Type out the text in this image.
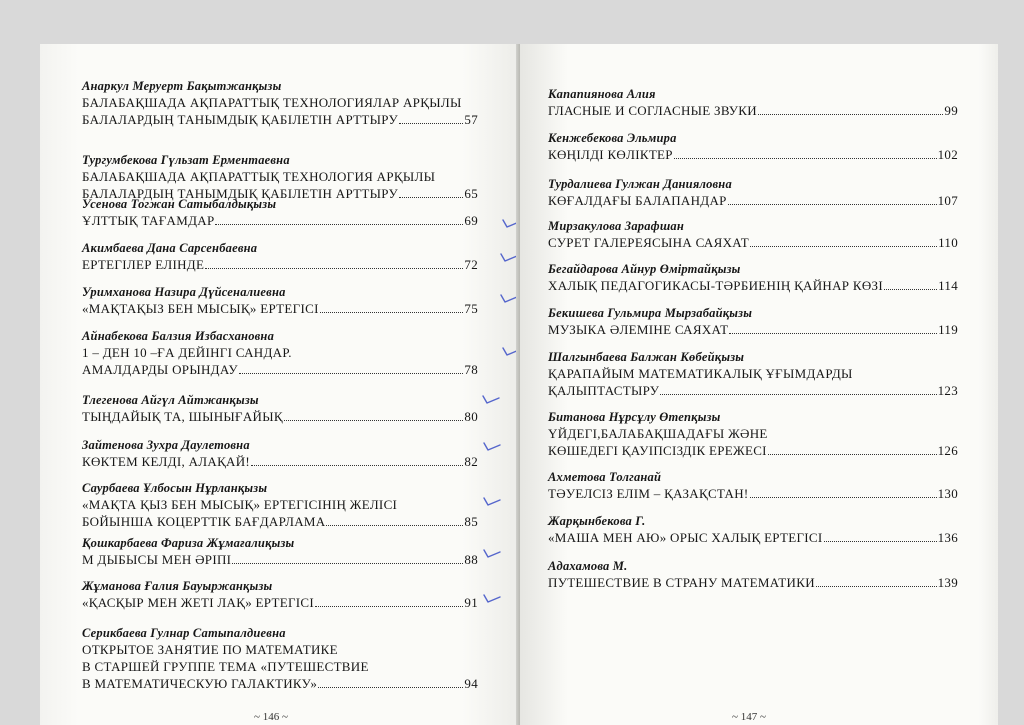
Анаркул Меруерт Бақытжанқызы
БАЛАБАҚШАДА АҚПАРАТТЫҚ ТЕХНОЛОГИЯЛАР АРҚЫЛЫ
БАЛАЛАРДЫҢ ТАНЫМДЫҚ ҚАБІЛЕТІН АРТТЫРУ	57
Тургумбекова Гүльзат Ерментаевна
БАЛАБАҚШАДА АҚПАРАТТЫҚ ТЕХНОЛОГИЯ АРҚЫЛЫ
БАЛАЛАРДЫҢ ТАНЫМДЫҚ ҚАБІЛЕТІН АРТТЫРУ	65
Усенова Тогжан Сатыбалдықызы
ҰЛТТЫҚ ТАҒАМДАР	69
Акимбаева Дана Сарсенбаевна
ЕРТЕГІЛЕР ЕЛІНДЕ	72
Уримханова Назира Дүйсеналиевна
«МАҚТАҚЫЗ БЕН МЫСЫҚ» ЕРТЕГІСІ	75
Айнабекова Балзия Избасхановна
1 – ДЕН 10 –ҒА ДЕЙІНГІ САНДАР.
АМАЛДАРДЫ ОРЫНДАУ	78
Тлегенова Айгүл Айтжанқызы
ТЫҢДАЙЫҚ ТА, ШЫНЫҒАЙЫҚ	80
Зайтенова Зухра Даулетовна
КӨКТЕМ КЕЛДІ, АЛАҚАЙ!	82
Саурбаева Ұлбосын Нұрланқызы
«МАҚТА ҚЫЗ БЕН МЫСЫҚ» ЕРТЕГІСІНІҢ ЖЕЛІСІ
БОЙЫНША КОЦЕРТТІК БАҒДАРЛАМА	85
Қошкарбаева Фариза Жұмағалиқызы
М ДЫБЫСЫ МЕН ӘРІПІ	88
Жұманова Ғалия Бауыржанқызы
«ҚАСҚЫР МЕН ЖЕТІ ЛАҚ» ЕРТЕГІСІ	91
Серикбаева Гулнар Сатыпалдиевна
ОТКРЫТОЕ ЗАНЯТИЕ ПО МАТЕМАТИКЕ
В СТАРШЕЙ ГРУППЕ ТЕМА «ПУТЕШЕСТВИЕ
В МАТЕМАТИЧЕСКУЮ ГАЛАКТИКУ»	94
~ 146 ~
Капапиянова Алия
ГЛАСНЫЕ И СОГЛАСНЫЕ ЗВУКИ	99
Кенжебекова Эльмира
КӨҢІЛДІ КӨЛІКТЕР	102
Турдалиева Гулжан Данияловна
КӨҒАЛДАҒЫ БАЛАПАНДАР	107
Мирзакулова Зарафшан
СУРЕТ ГАЛЕРЕЯСЫНА САЯХАТ	110
Бегайдарова Айнур Өміртайқызы
ХАЛЫҚ ПЕДАГОГИКАСЫ-ТӘРБИЕНІҢ ҚАЙНАР КӨЗІ	114
Бекишева Гульмира Мырзабайқызы
МУЗЫКА ӘЛЕМІНЕ САЯХАТ	119
Шалгынбаева Балжан Көбейқызы
ҚАРАПАЙЫМ МАТЕМАТИКАЛЫҚ ҰҒЫМДАРДЫ
ҚАЛЫПТАСТЫРУ	123
Битанова Нұрсұлу Өтепқызы
ҮЙДЕГІ,БАЛАБАҚШАДАҒЫ ЖӘНЕ
КӨШЕДЕГІ ҚАУІПСІЗДІК ЕРЕЖЕСІ	126
Ахметова Толганай
ТӘУЕЛСІЗ ЕЛІМ – ҚАЗАҚСТАН!	130
Жарқынбекова Г.
«МАША МЕН АЮ» ОРЫС ХАЛЫҚ ЕРТЕГІСІ	136
Адахамова М.
ПУТЕШЕСТВИЕ В СТРАНУ МАТЕМАТИКИ	139
~ 147 ~
